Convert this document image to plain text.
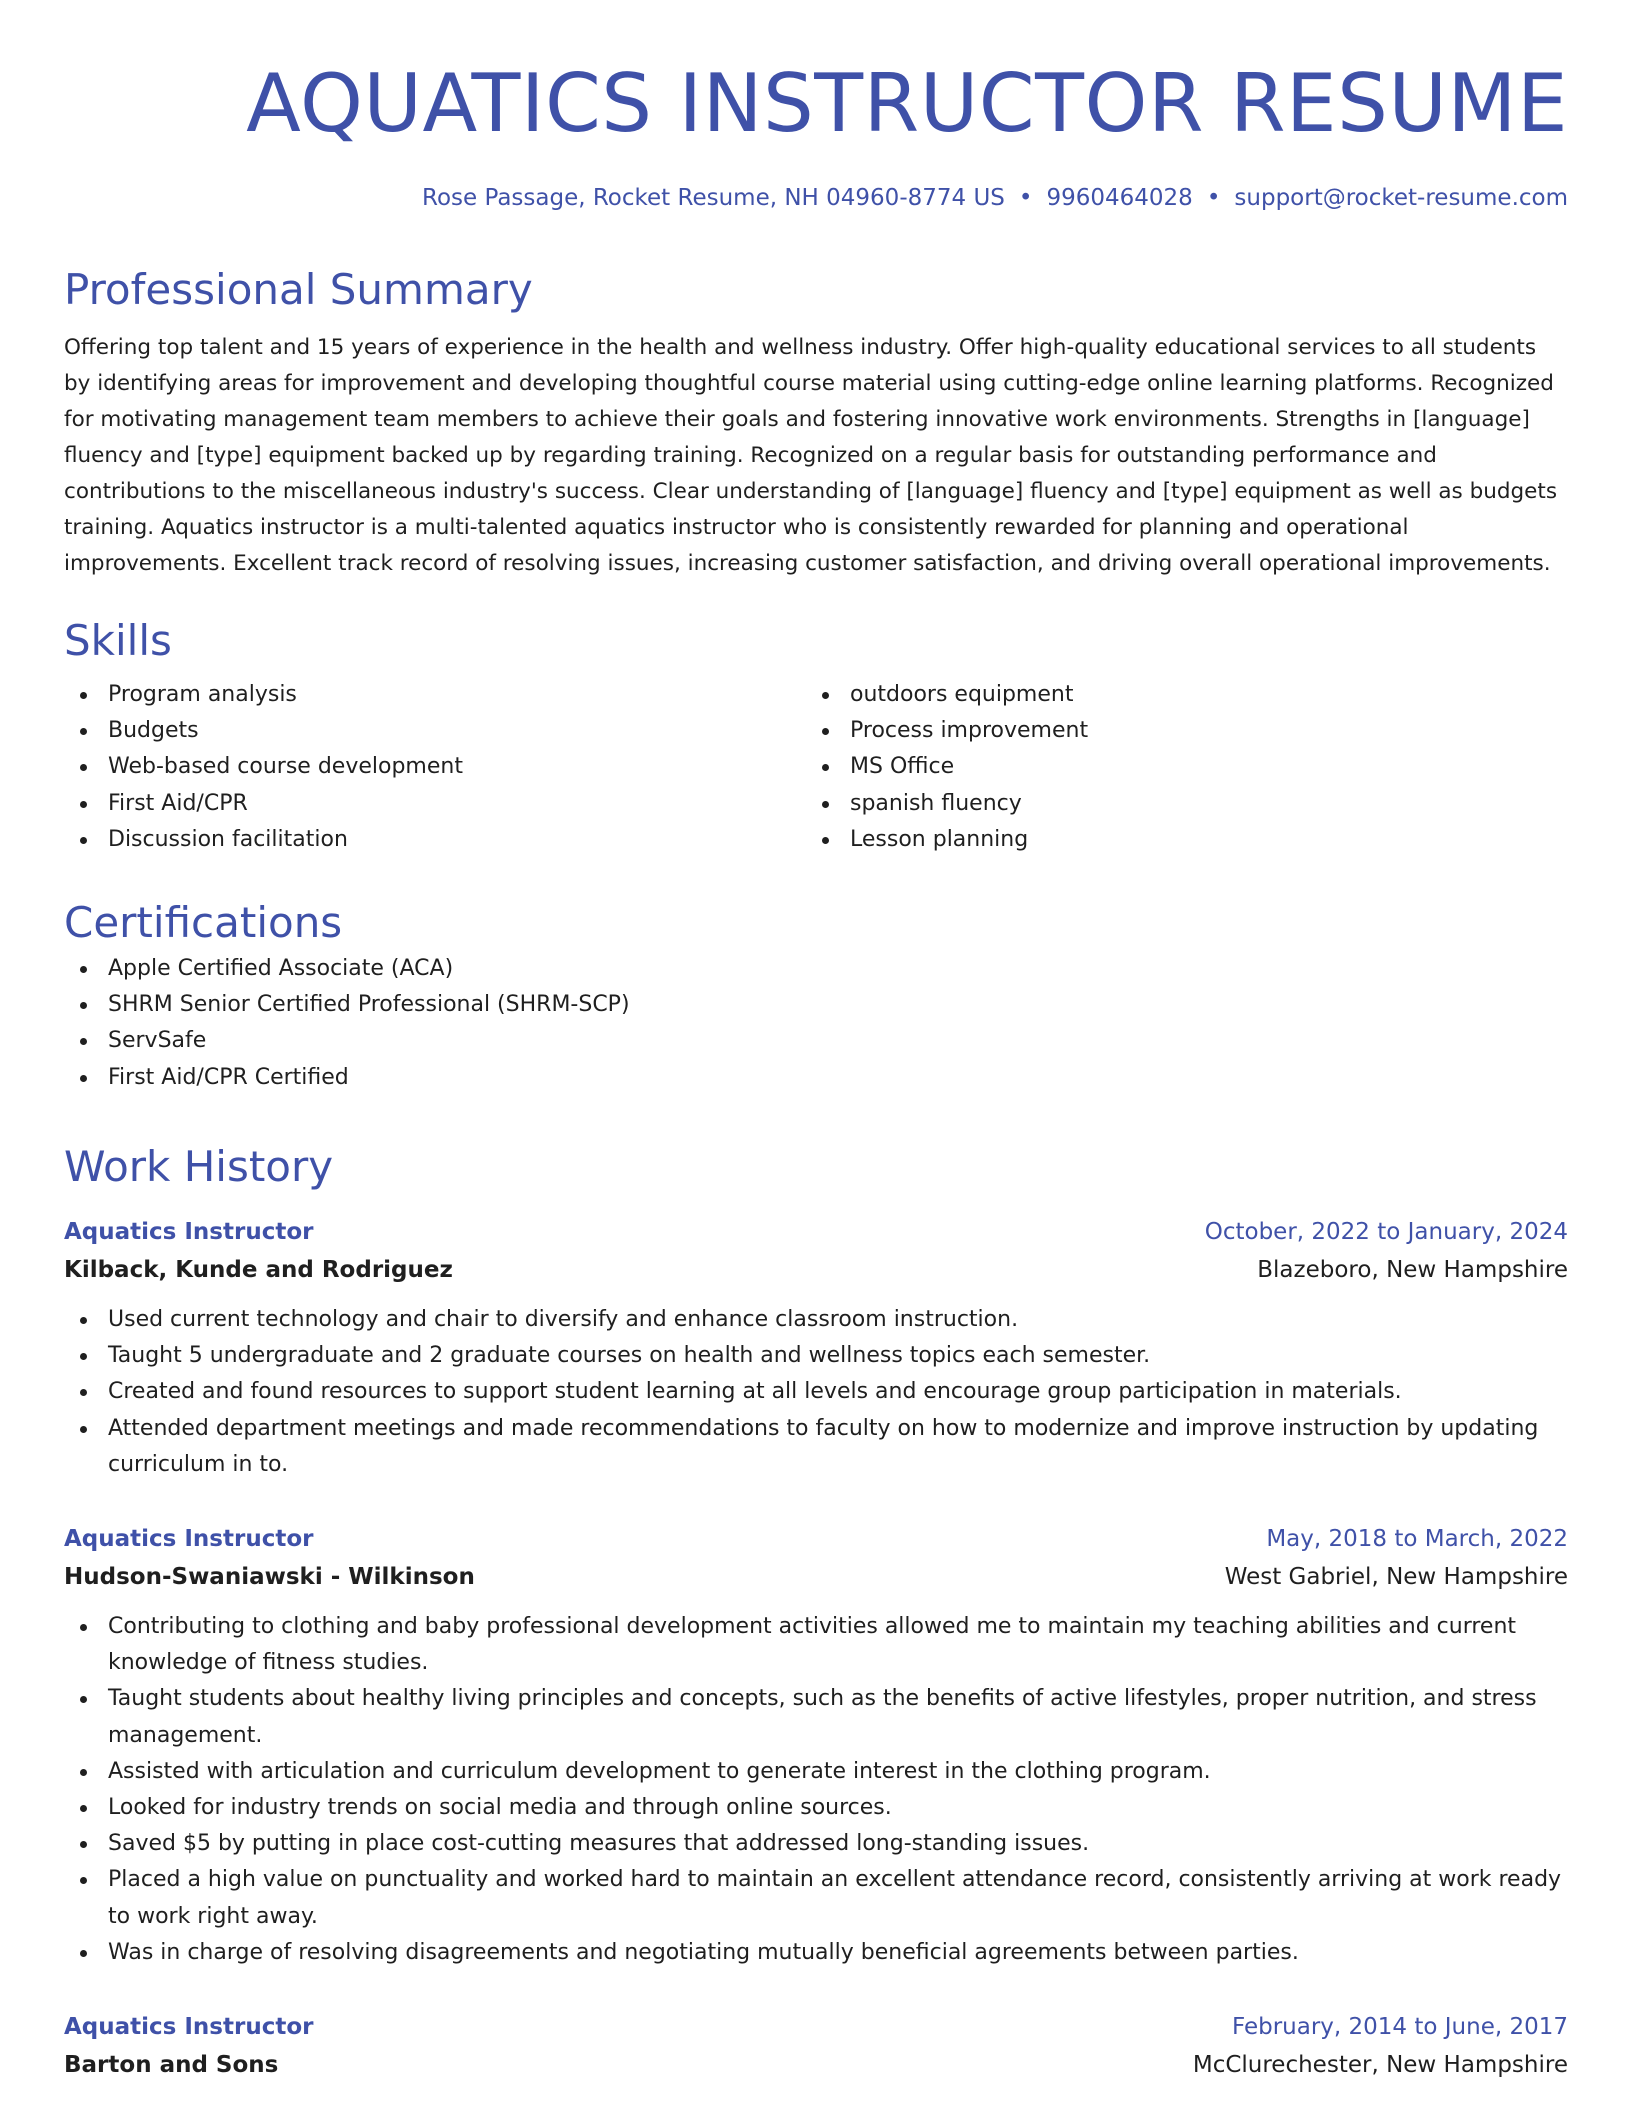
AQUATICS INSTRUCTOR RESUME
Rose Passage, Rocket Resume, NH 04960-8774 US • 9960464028 • support@rocket-resume.com
Professional Summary

Offering top talent and 15 years of experience in the health and wellness industry. Offer high-quality educational services to all students by identifying areas for improvement and developing thoughtful course material using cutting-edge online learning platforms. Recognized for motivating management team members to achieve their goals and fostering innovative work environments. Strengths in [language] fluency and [type] equipment backed up by regarding training. Recognized on a regular basis for outstanding performance and contributions to the miscellaneous industry's success. Clear understanding of [language] fluency and [type] equipment as well as budgets training. Aquatics instructor is a multi-talented aquatics instructor who is consistently rewarded for planning and operational improvements. Excellent track record of resolving issues, increasing customer satisfaction, and driving overall operational improvements.

Skills
Program analysis
Budgets
Web-based course development
First Aid/CPR
Discussion facilitation
outdoors equipment
Process improvement
MS Office
spanish fluency
Lesson planning
Certifications
Apple Certified Associate (ACA)
SHRM Senior Certified Professional (SHRM-SCP)
ServSafe
First Aid/CPR Certified
Work History
Aquatics Instructor	October, 2022 to January, 2024
Kilback, Kunde and Rodriguez	Blazeboro, New Hampshire
Used current technology and chair to diversify and enhance classroom instruction.
Taught 5 undergraduate and 2 graduate courses on health and wellness topics each semester.
Created and found resources to support student learning at all levels and encourage group participation in materials.
Attended department meetings and made recommendations to faculty on how to modernize and improve instruction by updating curriculum in to.
Aquatics Instructor	May, 2018 to March, 2022
Hudson-Swaniawski - Wilkinson	West Gabriel, New Hampshire
Contributing to clothing and baby professional development activities allowed me to maintain my teaching abilities and current knowledge of fitness studies.
Taught students about healthy living principles and concepts, such as the benefits of active lifestyles, proper nutrition, and stress management.
Assisted with articulation and curriculum development to generate interest in the clothing program.
Looked for industry trends on social media and through online sources.
Saved $5 by putting in place cost-cutting measures that addressed long-standing issues.
Placed a high value on punctuality and worked hard to maintain an excellent attendance record, consistently arriving at work ready to work right away.
Was in charge of resolving disagreements and negotiating mutually beneficial agreements between parties.
Aquatics Instructor	February, 2014 to June, 2017
Barton and Sons	McClurechester, New Hampshire
